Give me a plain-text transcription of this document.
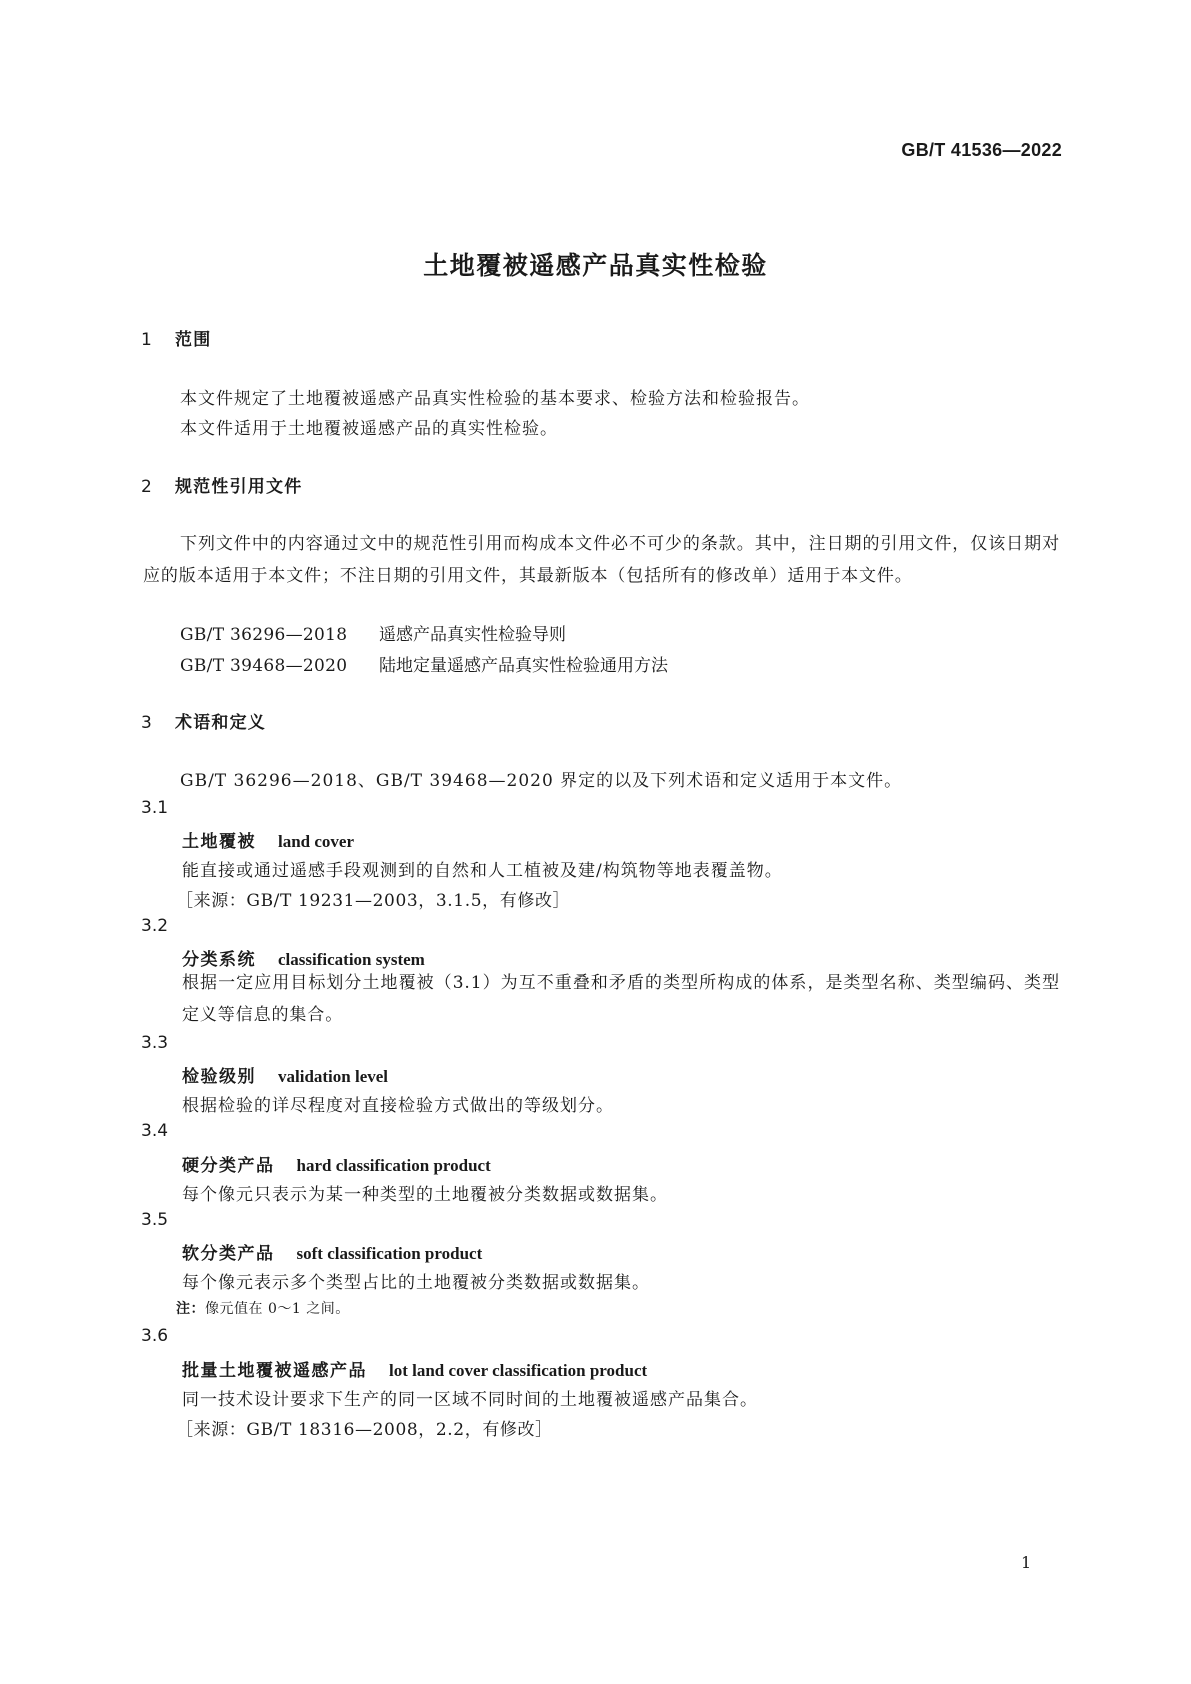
GB/T 41536—2022
土地覆被遥感产品真实性检验
1 范围
本文件规定了土地覆被遥感产品真实性检验的基本要求、检验方法和检验报告。
本文件适用于土地覆被遥感产品的真实性检验。
2 规范性引用文件
下列文件中的内容通过文中的规范性引用而构成本文件必不可少的条款。其中，注日期的引用文件，仅该日期对应的版本适用于本文件；不注日期的引用文件，其最新版本（包括所有的修改单）适用于本文件。
GB/T 36296—2018 遥感产品真实性检验导则
GB/T 39468—2020 陆地定量遥感产品真实性检验通用方法
3 术语和定义
GB/T 36296—2018、GB/T 39468—2020 界定的以及下列术语和定义适用于本文件。
3.1
土地覆被 land cover
能直接或通过遥感手段观测到的自然和人工植被及建/构筑物等地表覆盖物。
［来源：GB/T 19231—2003，3.1.5，有修改］
3.2
分类系统 classification system
根据一定应用目标划分土地覆被（3.1）为互不重叠和矛盾的类型所构成的体系，是类型名称、类型编码、类型定义等信息的集合。
3.3
检验级别 validation level
根据检验的详尽程度对直接检验方式做出的等级划分。
3.4
硬分类产品 hard classification product
每个像元只表示为某一种类型的土地覆被分类数据或数据集。
3.5
软分类产品 soft classification product
每个像元表示多个类型占比的土地覆被分类数据或数据集。
注：像元值在 0～1 之间。
3.6
批量土地覆被遥感产品 lot land cover classification product
同一技术设计要求下生产的同一区域不同时间的土地覆被遥感产品集合。
［来源：GB/T 18316—2008，2.2，有修改］
1
